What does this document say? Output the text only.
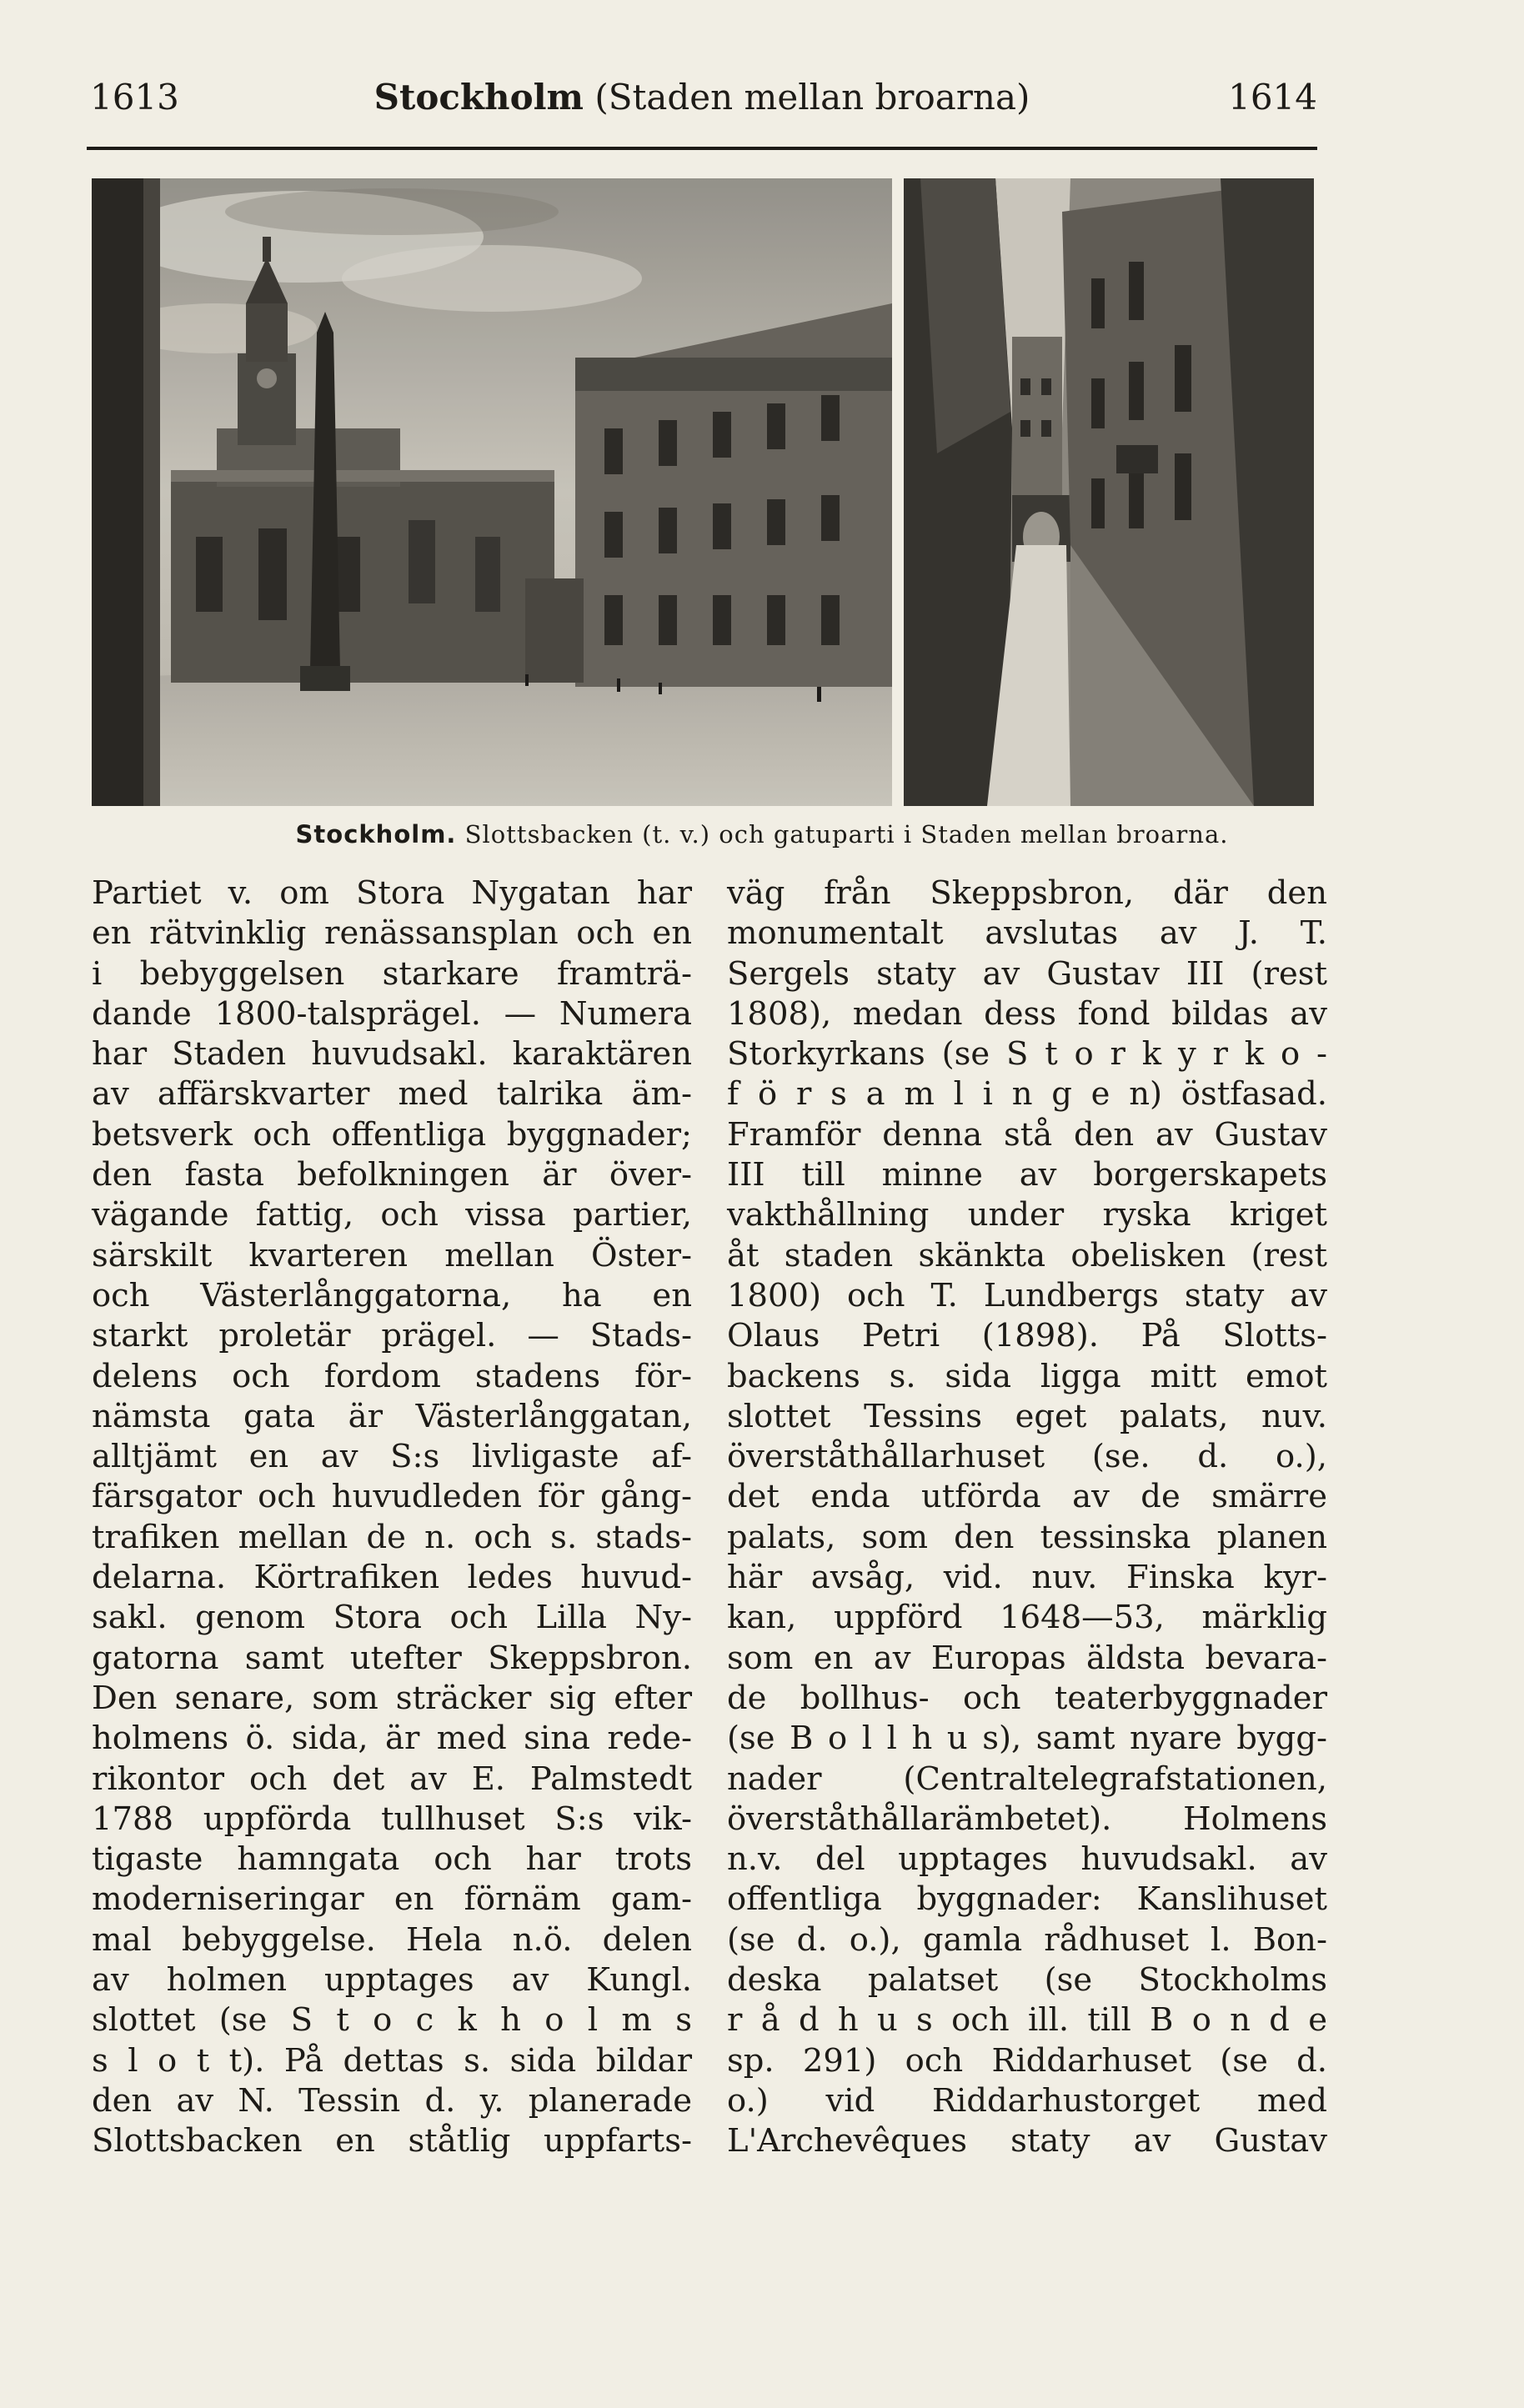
1613	Stockholm (Staden mellan broarna)	1614
Stockholm. Slottsbacken (t. v.) och gatuparti i Staden mellan broarna.
Partiet v. om Stora Nygatan har
en rätvinklig renässansplan och en
i bebyggelsen starkare framträ-
dande 1800-talsprägel. — Numera
har Staden huvudsakl. karaktären
av affärskvarter med talrika äm-
betsverk och offentliga byggnader;
den fasta befolkningen är över-
vägande fattig, och vissa partier,
särskilt kvarteren mellan Öster-
och Västerlånggatorna, ha en
starkt proletär prägel. — Stads-
delens och fordom stadens för-
nämsta gata är Västerlånggatan,
alltjämt en av S:s livligaste af-
färsgator och huvudleden för gång-
trafiken mellan de n. och s. stads-
delarna. Körtrafiken ledes huvud-
sakl. genom Stora och Lilla Ny-
gatorna samt utefter Skeppsbron.
Den senare, som sträcker sig efter
holmens ö. sida, är med sina rede-
rikontor och det av E. Palmstedt
1788 uppförda tullhuset S:s vik-
tigaste hamngata och har trots
moderniseringar en förnäm gam-
mal bebyggelse. Hela n.ö. delen
av holmen upptages av Kungl.
slottet (se S t o c k h o l m s
s l o t t). På dettas s. sida bildar
den av N. Tessin d. y. planerade
Slottsbacken en ståtlig uppfarts-
väg från Skeppsbron, där den
monumentalt avslutas av J. T.
Sergels staty av Gustav III (rest
1808), medan dess fond bildas av
Storkyrkans (se S t o r k y r k o -
f ö r s a m l i n g e n) östfasad.
Framför denna stå den av Gustav
III till minne av borgerskapets
vakthållning under ryska kriget
åt staden skänkta obelisken (rest
1800) och T. Lundbergs staty av
Olaus Petri (1898). På Slotts-
backens s. sida ligga mitt emot
slottet Tessins eget palats, nuv.
överståthållarhuset (se. d. o.),
det enda utförda av de smärre
palats, som den tessinska planen
här avsåg, vid. nuv. Finska kyr-
kan, uppförd 1648—53, märklig
som en av Europas äldsta bevara-
de bollhus- och teaterbyggnader
(se B o l l h u s), samt nyare bygg-
nader (Centraltelegrafstationen,
överståthållarämbetet). Holmens
n.v. del upptages huvudsakl. av
offentliga byggnader: Kanslihuset
(se d. o.), gamla rådhuset l. Bon-
deska palatset (se Stockholms
r å d h u s och ill. till B o n d e
sp. 291) och Riddarhuset (se d.
o.) vid Riddarhustorget med
L'Archevêques staty av Gustav
